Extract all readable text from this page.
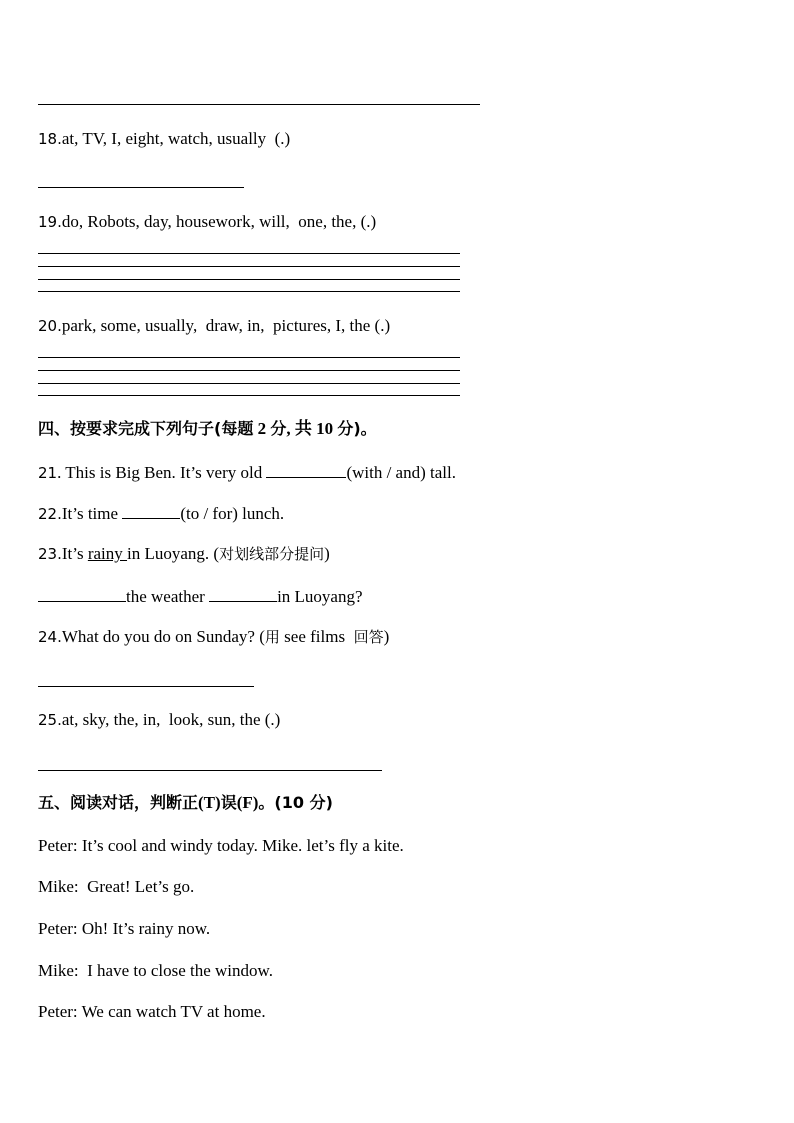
18.at, TV, I, eight, watch, usually  (.)
19.do, Robots, day, housework, will,  one, the, (.)
20.park, some, usually,  draw, in,  pictures, I, the (.)
四、按要求完成下列句子(每题 2 分, 共 10 分)。
21. This is Big Ben. It’s very old	(with / and) tall.
22.It’s time	(to / for) lunch.
23.It’s rainy in Luoyang. (对划线部分提问)
the weather	in Luoyang?
24.What do you do on Sunday? (用 see films  回答)
25.at, sky, the, in,  look, sun, the (.)
五、阅读对话，判断正(T)误(F)。(10 分)
Peter: It’s cool and windy today. Mike. let’s fly a kite.
Mike:  Great! Let’s go.
Peter: Oh! It’s rainy now.
Mike:  I have to close the window.
Peter: We can watch TV at home.
